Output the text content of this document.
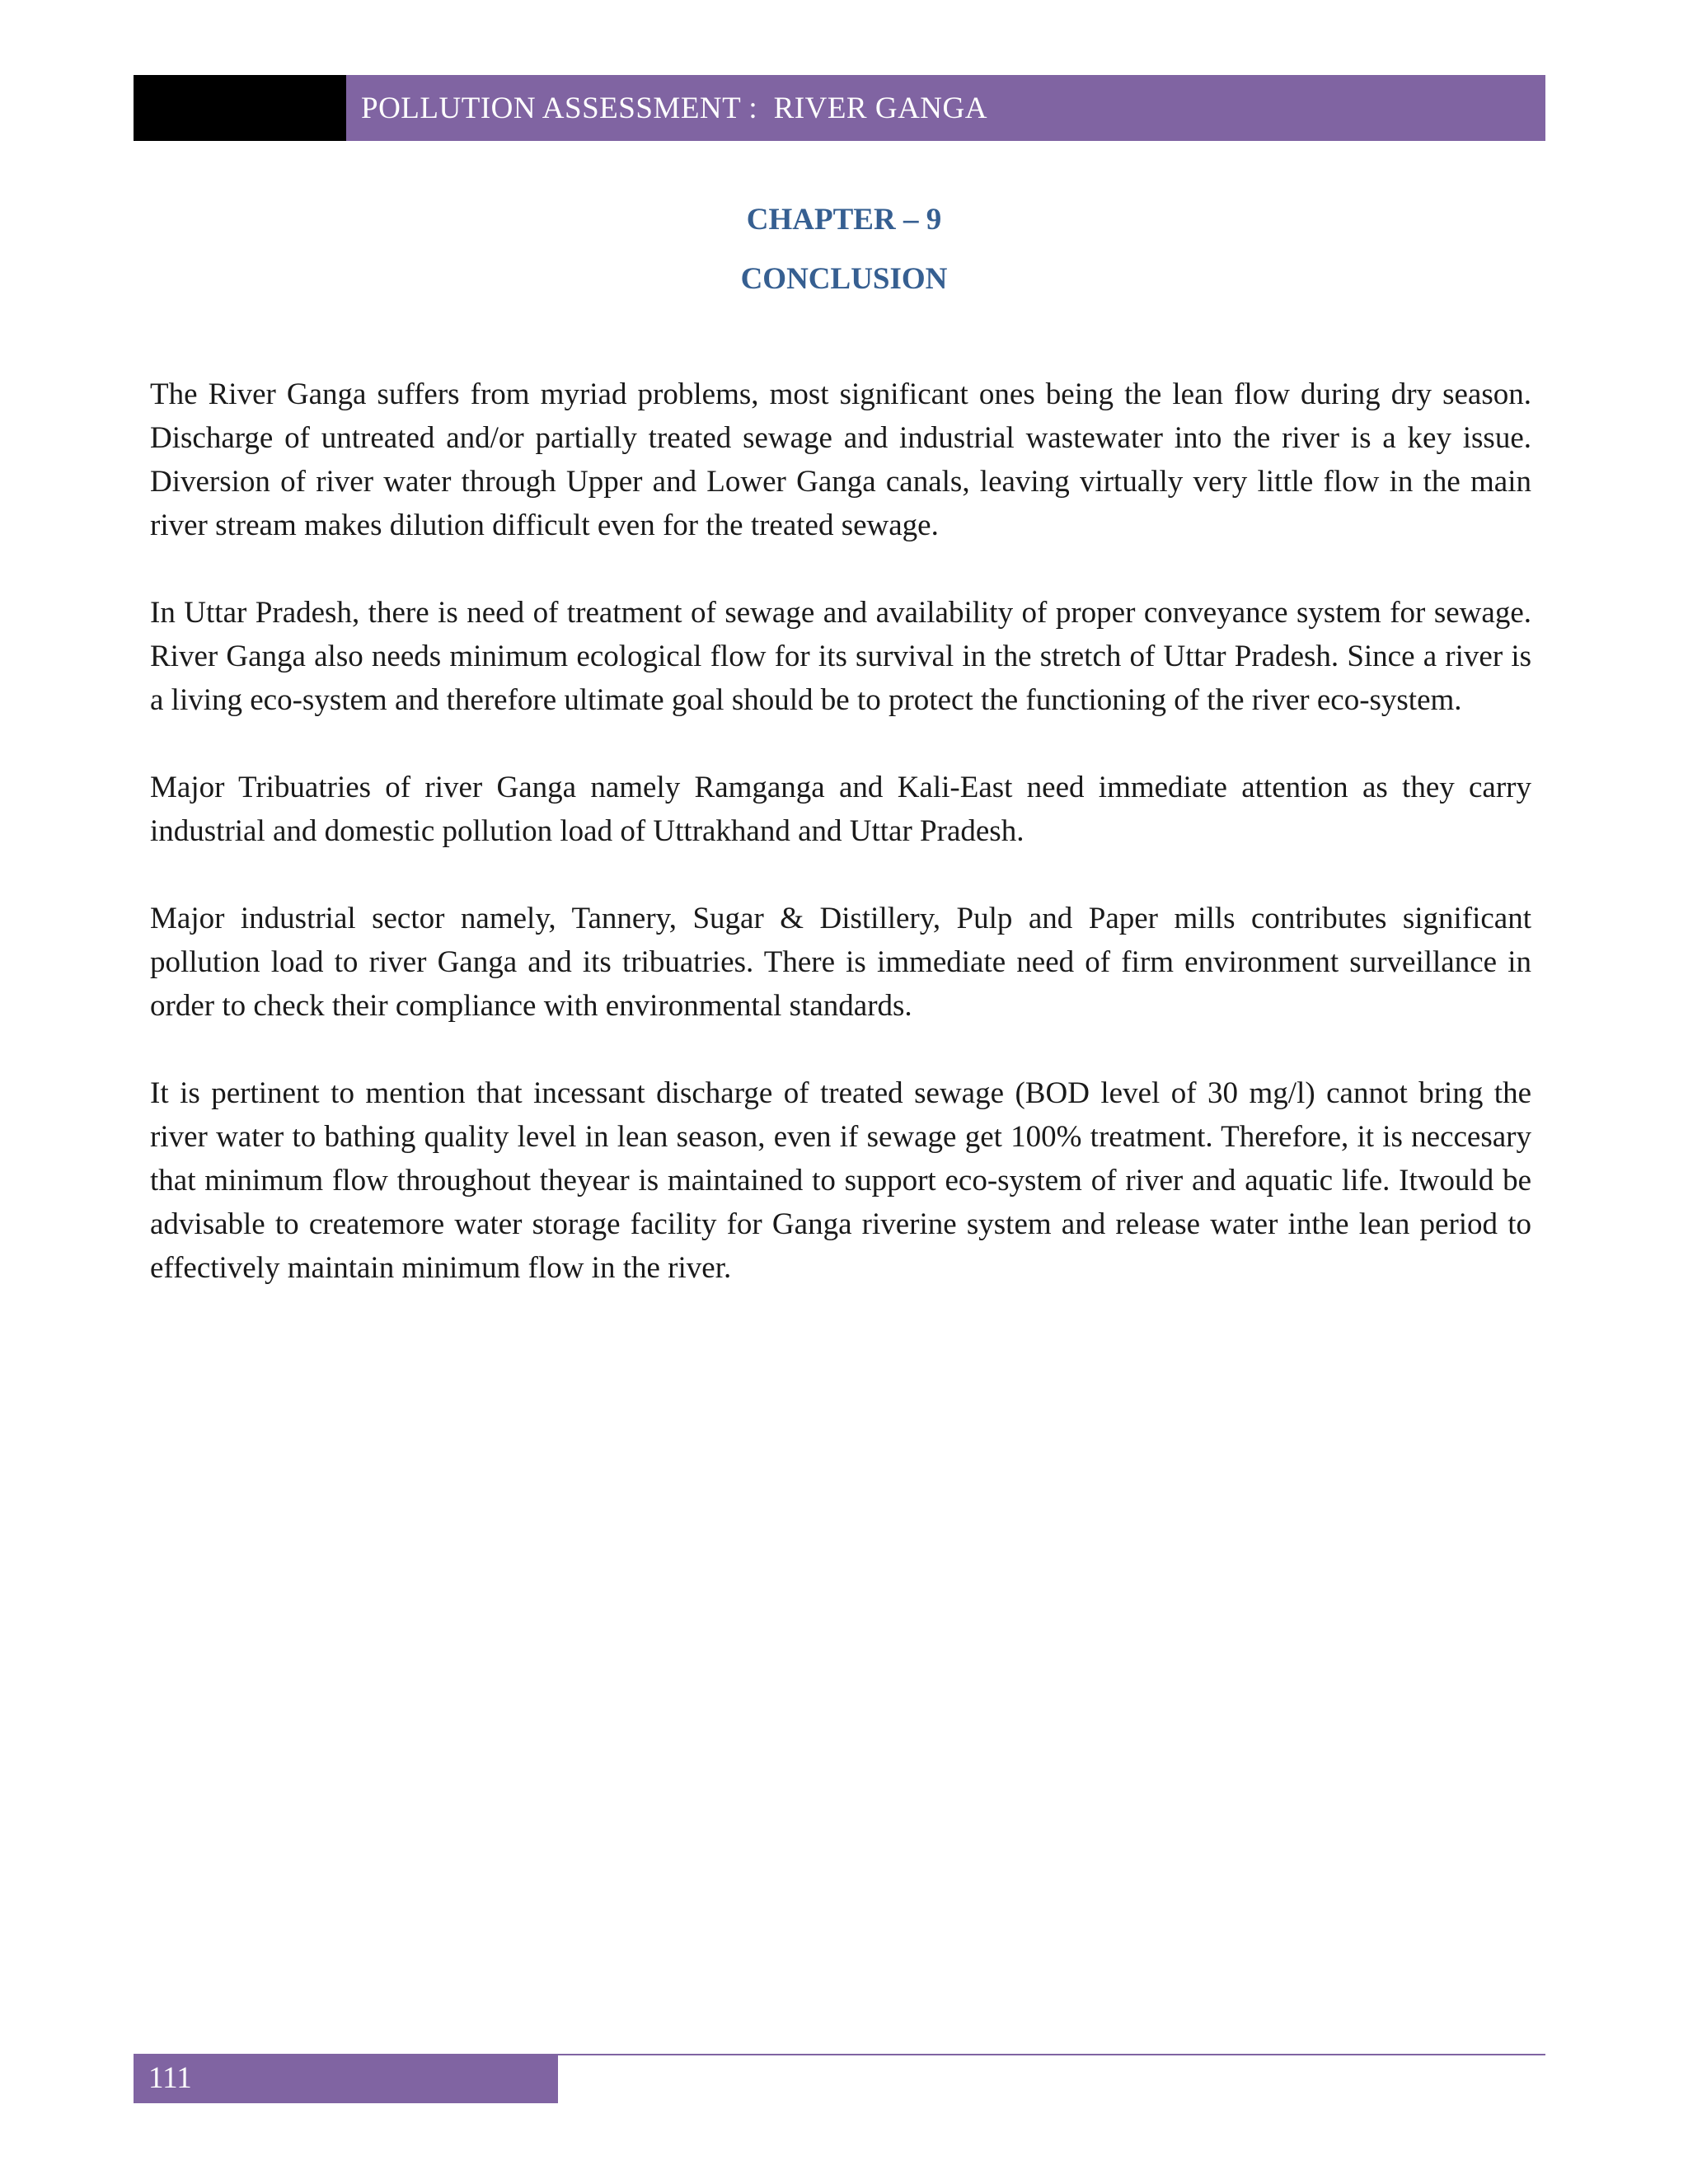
POLLUTION ASSESSMENT :  RIVER GANGA
CHAPTER – 9
CONCLUSION

The River Ganga suffers from myriad problems, most significant ones being the lean flow during dry season. Discharge of untreated and/or partially treated sewage and industrial wastewater into the river is a key issue. Diversion of river water through Upper and Lower Ganga canals, leaving virtually very little flow in the main river stream makes dilution difficult even for the treated sewage.

In Uttar Pradesh, there is need of treatment of sewage and availability of proper conveyance system for sewage. River Ganga also needs minimum ecological flow for its survival in the stretch of Uttar Pradesh. Since a river is a living eco-system and therefore ultimate goal should be to protect the functioning of the river eco-system.

Major Tribuatries of river Ganga namely Ramganga and Kali-East need immediate attention as they carry industrial and domestic pollution load of Uttrakhand and Uttar Pradesh.

Major industrial sector namely, Tannery, Sugar & Distillery, Pulp and Paper mills contributes significant pollution load to river Ganga and its tribuatries. There is immediate need of firm environment surveillance in order to check their compliance with environmental standards.

It is pertinent to mention that incessant discharge of treated sewage (BOD level of 30 mg/l) cannot bring the river water to bathing quality level in lean season, even if sewage get 100% treatment. Therefore, it is neccesary that minimum flow throughout theyear is maintained to support eco-system of river and aquatic life. Itwould be advisable to createmore water storage facility for Ganga riverine system and release water inthe lean period to effectively maintain minimum flow in the river.

111
